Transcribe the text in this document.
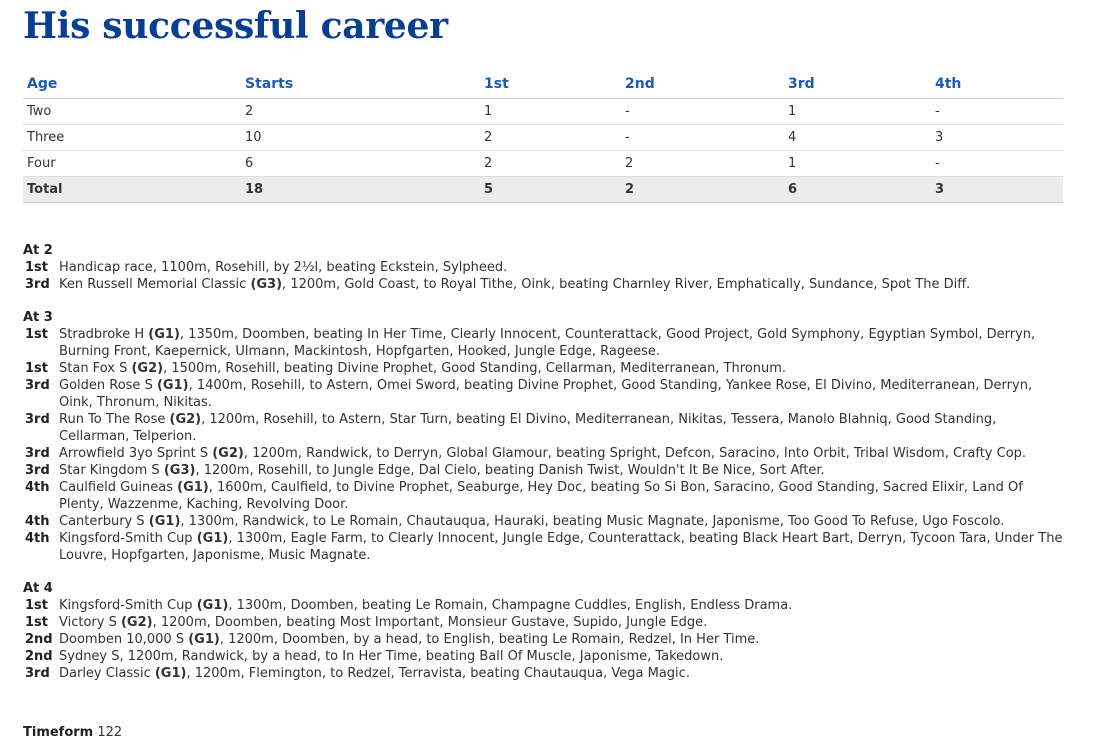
His successful career
Age	Starts	1st	2nd	3rd	4th
Two	2	1	-	1	-
Three	10	2	-	4	3
Four	6	2	2	1	-
Total	18	5	2	6	3
At 2
1st Handicap race, 1100m, Rosehill, by 2½l, beating Eckstein, Sylpheed.
3rd Ken Russell Memorial Classic (G3), 1200m, Gold Coast, to Royal Tithe, Oink, beating Charnley River, Emphatically, Sundance, Spot The Diff.
At 3
1st Stradbroke H (G1), 1350m, Doomben, beating In Her Time, Clearly Innocent, Counterattack, Good Project, Gold Symphony, Egyptian Symbol, Derryn, Burning Front, Kaepernick, Ulmann, Mackintosh, Hopfgarten, Hooked, Jungle Edge, Rageese.
1st Stan Fox S (G2), 1500m, Rosehill, beating Divine Prophet, Good Standing, Cellarman, Mediterranean, Thronum.
3rd Golden Rose S (G1), 1400m, Rosehill, to Astern, Omei Sword, beating Divine Prophet, Good Standing, Yankee Rose, El Divino, Mediterranean, Derryn, Oink, Thronum, Nikitas.
3rd Run To The Rose (G2), 1200m, Rosehill, to Astern, Star Turn, beating El Divino, Mediterranean, Nikitas, Tessera, Manolo Blahniq, Good Standing, Cellarman, Telperion.
3rd Arrowfield 3yo Sprint S (G2), 1200m, Randwick, to Derryn, Global Glamour, beating Spright, Defcon, Saracino, Into Orbit, Tribal Wisdom, Crafty Cop.
3rd Star Kingdom S (G3), 1200m, Rosehill, to Jungle Edge, Dal Cielo, beating Danish Twist, Wouldn't It Be Nice, Sort After.
4th Caulfield Guineas (G1), 1600m, Caulfield, to Divine Prophet, Seaburge, Hey Doc, beating So Si Bon, Saracino, Good Standing, Sacred Elixir, Land Of Plenty, Wazzenme, Kaching, Revolving Door.
4th Canterbury S (G1), 1300m, Randwick, to Le Romain, Chautauqua, Hauraki, beating Music Magnate, Japonisme, Too Good To Refuse, Ugo Foscolo.
4th Kingsford-Smith Cup (G1), 1300m, Eagle Farm, to Clearly Innocent, Jungle Edge, Counterattack, beating Black Heart Bart, Derryn, Tycoon Tara, Under The Louvre, Hopfgarten, Japonisme, Music Magnate.
At 4
1st Kingsford-Smith Cup (G1), 1300m, Doomben, beating Le Romain, Champagne Cuddles, English, Endless Drama.
1st Victory S (G2), 1200m, Doomben, beating Most Important, Monsieur Gustave, Supido, Jungle Edge.
2nd Doomben 10,000 S (G1), 1200m, Doomben, by a head, to English, beating Le Romain, Redzel, In Her Time.
2nd Sydney S, 1200m, Randwick, by a head, to In Her Time, beating Ball Of Muscle, Japonisme, Takedown.
3rd Darley Classic (G1), 1200m, Flemington, to Redzel, Terravista, beating Chautauqua, Vega Magic.
Timeform 122
